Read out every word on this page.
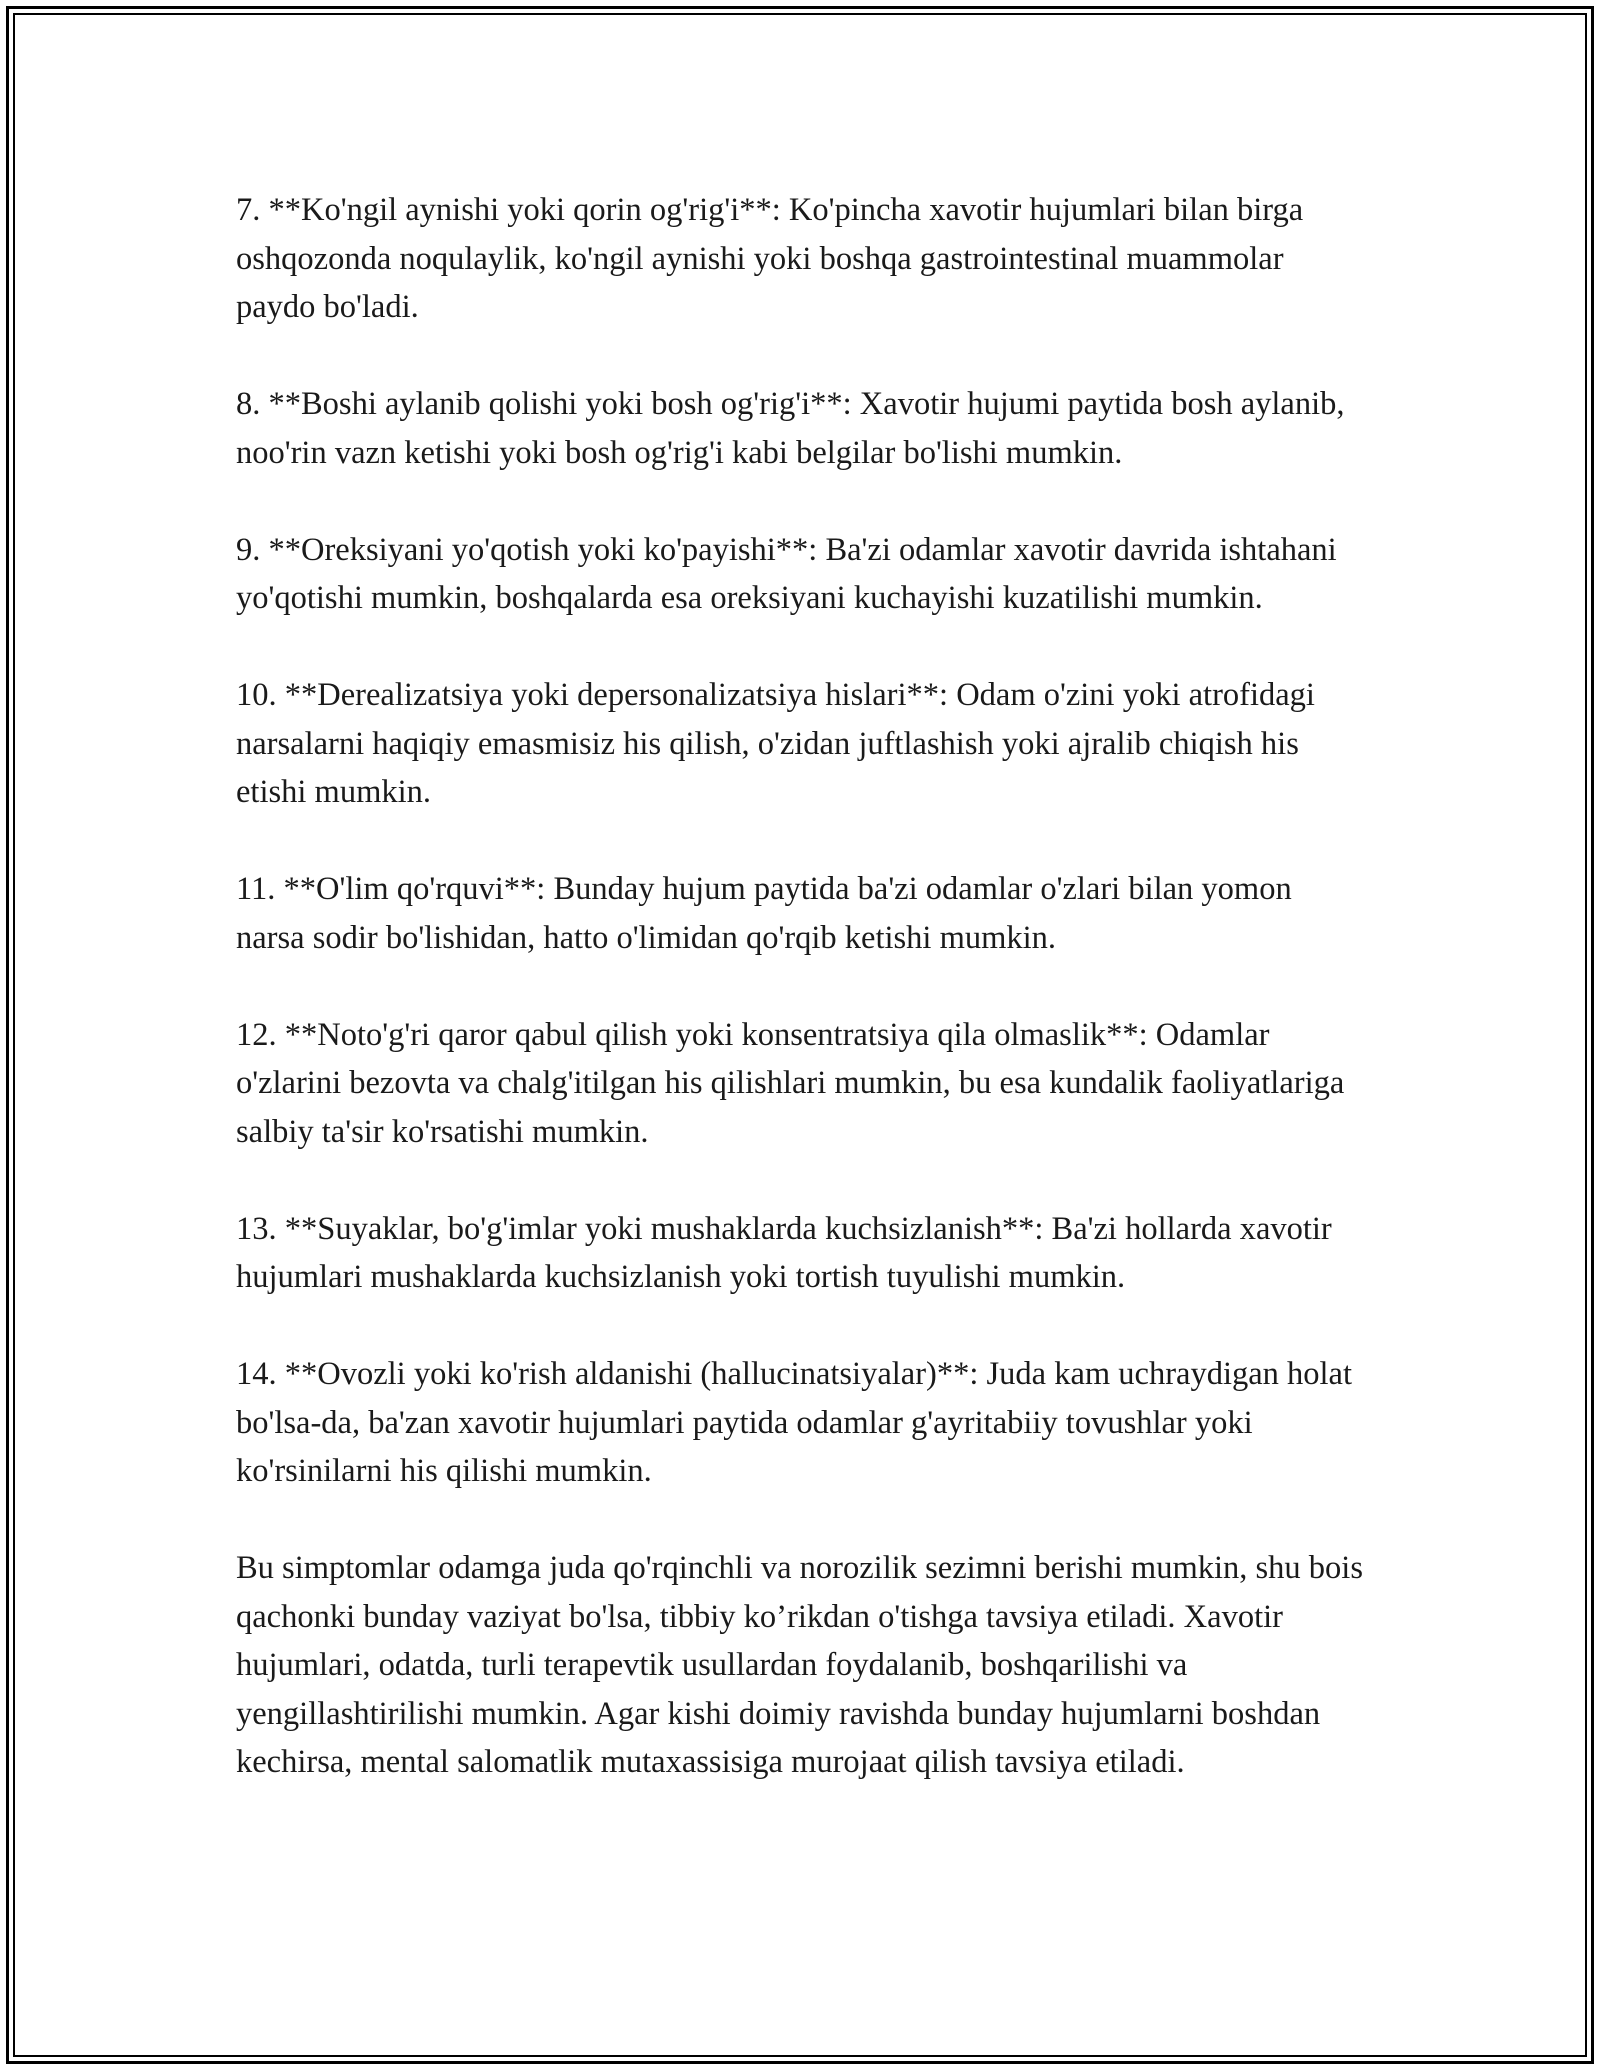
7. **Ko'ngil aynishi yoki qorin og'rig'i**: Ko'pincha xavotir hujumlari bilan birga oshqozonda noqulaylik, ko'ngil aynishi yoki boshqa gastrointestinal muammolar paydo bo'ladi.

8. **Boshi aylanib qolishi yoki bosh og'rig'i**: Xavotir hujumi paytida bosh aylanib, noo'rin vazn ketishi yoki bosh og'rig'i kabi belgilar bo'lishi mumkin.

9. **Oreksiyani yo'qotish yoki ko'payishi**: Ba'zi odamlar xavotir davrida ishtahani yo'qotishi mumkin, boshqalarda esa oreksiyani kuchayishi kuzatilishi mumkin.

10. **Derealizatsiya yoki depersonalizatsiya hislari**: Odam o'zini yoki atrofidagi narsalarni haqiqiy emasmisiz his qilish, o'zidan juftlashish yoki ajralib chiqish his etishi mumkin.

11. **O'lim qo'rquvi**: Bunday hujum paytida ba'zi odamlar o'zlari bilan yomon narsa sodir bo'lishidan, hatto o'limidan qo'rqib ketishi mumkin.

12. **Noto'g'ri qaror qabul qilish yoki konsentratsiya qila olmaslik**: Odamlar o'zlarini bezovta va chalg'itilgan his qilishlari mumkin, bu esa kundalik faoliyatlariga salbiy ta'sir ko'rsatishi mumkin.

13. **Suyaklar, bo'g'imlar yoki mushaklarda kuchsizlanish**: Ba'zi hollarda xavotir hujumlari mushaklarda kuchsizlanish yoki tortish tuyulishi mumkin.

14. **Ovozli yoki ko'rish aldanishi (hallucinatsiyalar)**: Juda kam uchraydigan holat bo'lsa-da, ba'zan xavotir hujumlari paytida odamlar g'ayritabiiy tovushlar yoki ko'rsinilarni his qilishi mumkin.

Bu simptomlar odamga juda qo'rqinchli va norozilik sezimni berishi mumkin, shu bois qachonki bunday vaziyat bo'lsa, tibbiy ko’rikdan o'tishga tavsiya etiladi. Xavotir hujumlari, odatda, turli terapevtik usullardan foydalanib, boshqarilishi va yengillashtirilishi mumkin. Agar kishi doimiy ravishda bunday hujumlarni boshdan kechirsa, mental salomatlik mutaxassisiga murojaat qilish tavsiya etiladi.
